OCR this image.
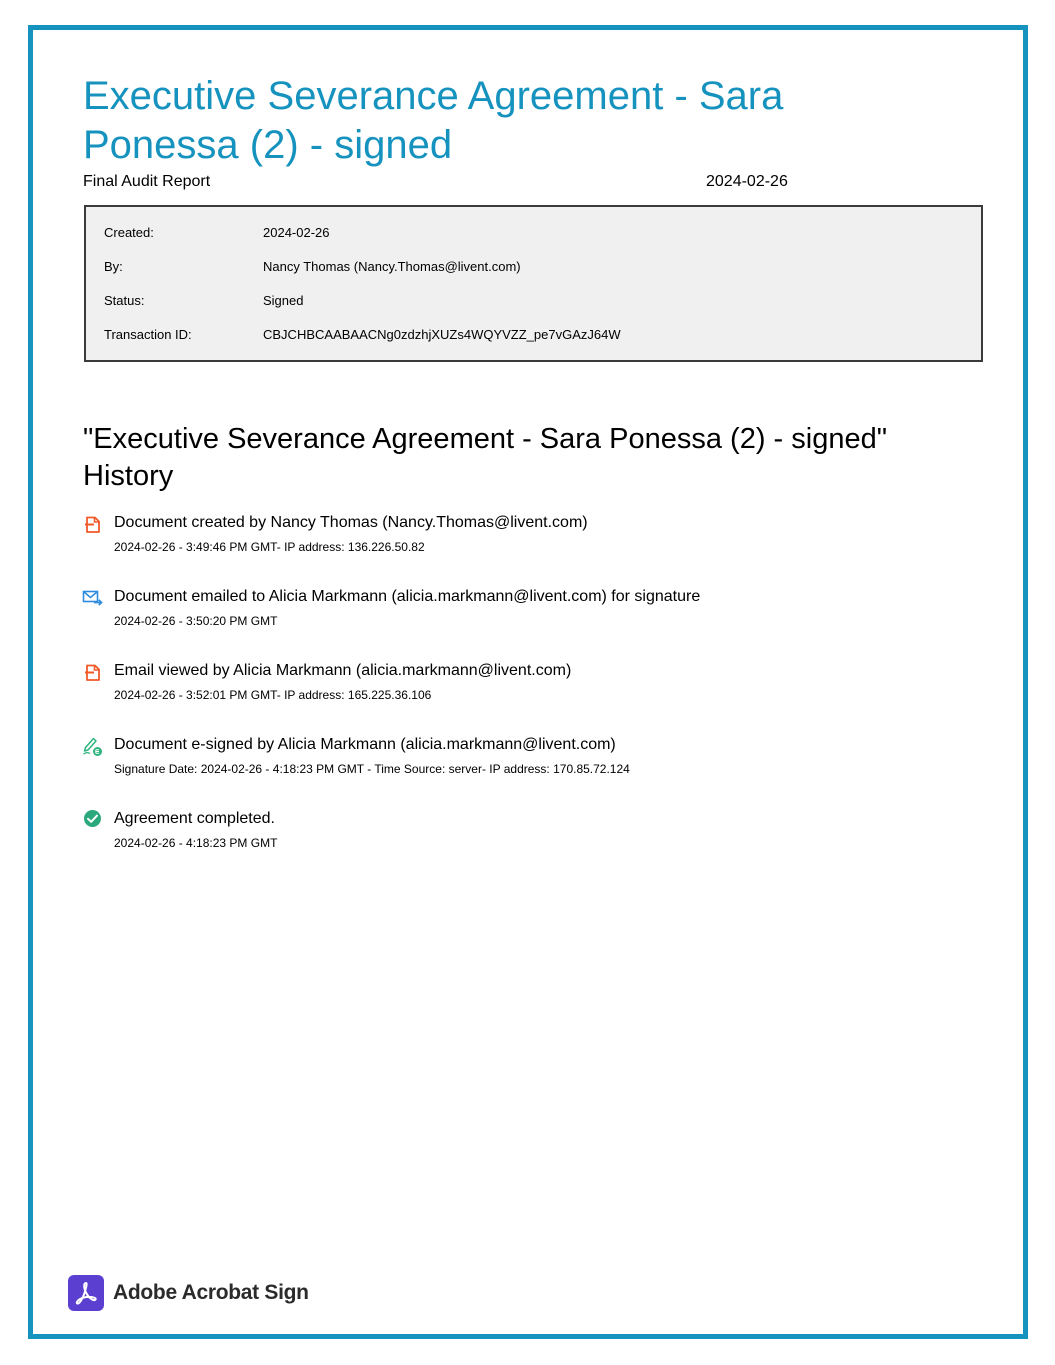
Executive Severance Agreement - Sara Ponessa (2) - signed
Final Audit Report	2024-02-26
Created:	2024-02-26
By:	Nancy Thomas (Nancy.Thomas@livent.com)
Status:	Signed
Transaction ID:	CBJCHBCAABAACNg0zdzhjXUZs4WQYVZZ_pe7vGAzJ64W
"Executive Severance Agreement - Sara Ponessa (2) - signed" History
Document created by Nancy Thomas (Nancy.Thomas@livent.com)
2024-02-26 - 3:49:46 PM GMT- IP address: 136.226.50.82
Document emailed to Alicia Markmann (alicia.markmann@livent.com) for signature
2024-02-26 - 3:50:20 PM GMT
Email viewed by Alicia Markmann (alicia.markmann@livent.com)
2024-02-26 - 3:52:01 PM GMT- IP address: 165.225.36.106
Document e-signed by Alicia Markmann (alicia.markmann@livent.com)
Signature Date: 2024-02-26 - 4:18:23 PM GMT - Time Source: server- IP address: 170.85.72.124
Agreement completed.
2024-02-26 - 4:18:23 PM GMT
Adobe Acrobat Sign
